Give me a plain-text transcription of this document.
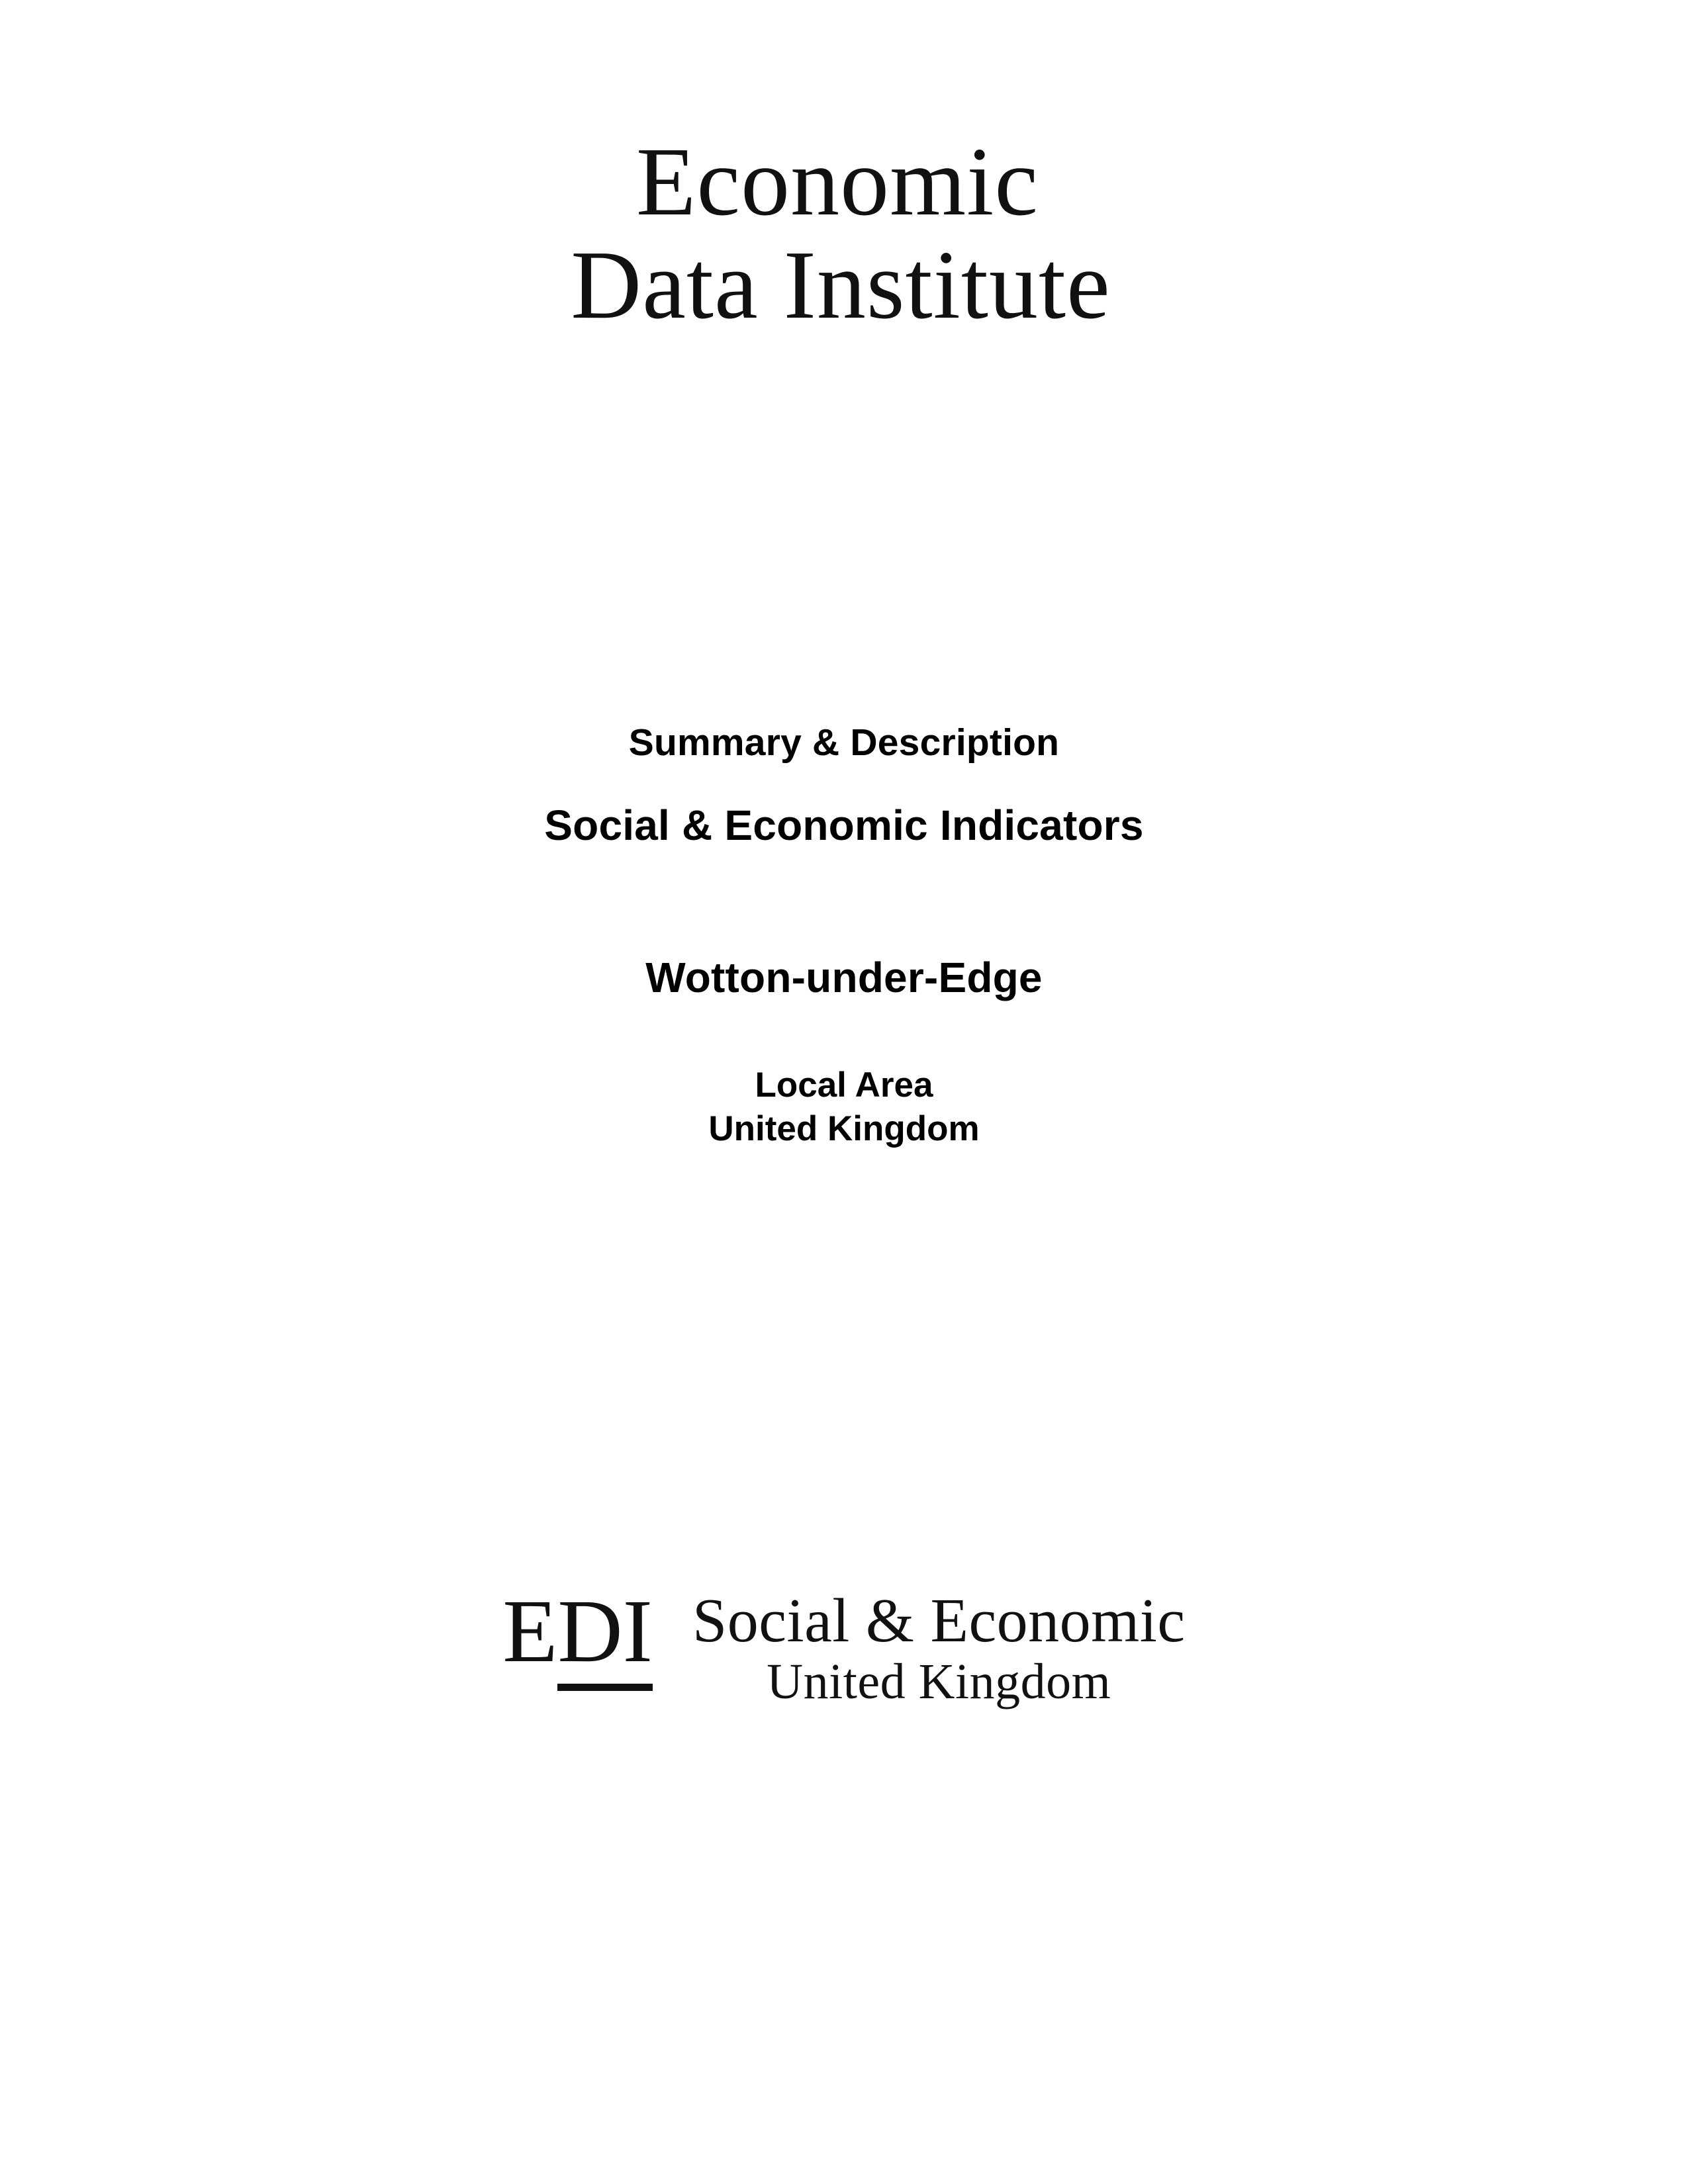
Economic
Data Institute
Summary & Description
Social & Economic Indicators
Wotton-under-Edge
Local Area
United Kingdom
EDI Social & Economic
United Kingdom
